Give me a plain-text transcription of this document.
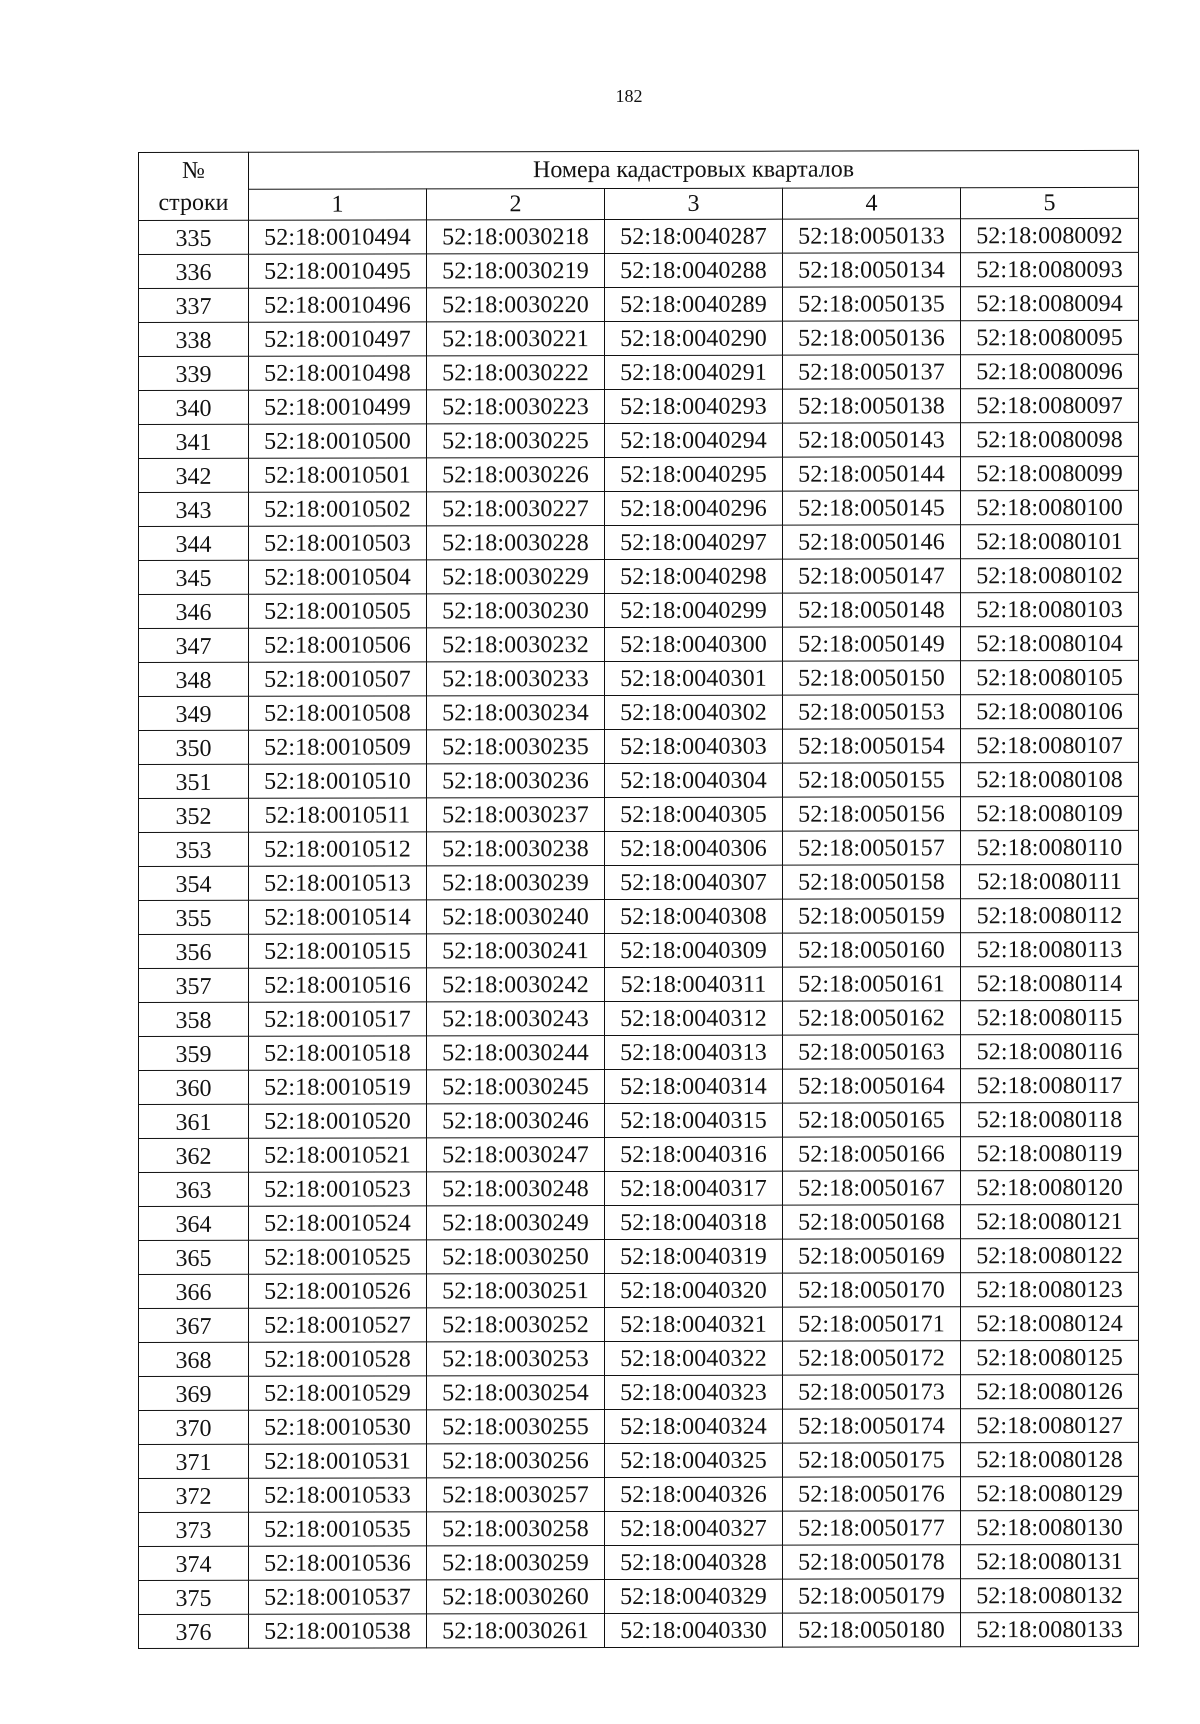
182
№
строки	Номера кадастровых кварталов				
	1	2	3	4	5
335	52:18:0010494	52:18:0030218	52:18:0040287	52:18:0050133	52:18:0080092
336	52:18:0010495	52:18:0030219	52:18:0040288	52:18:0050134	52:18:0080093
337	52:18:0010496	52:18:0030220	52:18:0040289	52:18:0050135	52:18:0080094
338	52:18:0010497	52:18:0030221	52:18:0040290	52:18:0050136	52:18:0080095
339	52:18:0010498	52:18:0030222	52:18:0040291	52:18:0050137	52:18:0080096
340	52:18:0010499	52:18:0030223	52:18:0040293	52:18:0050138	52:18:0080097
341	52:18:0010500	52:18:0030225	52:18:0040294	52:18:0050143	52:18:0080098
342	52:18:0010501	52:18:0030226	52:18:0040295	52:18:0050144	52:18:0080099
343	52:18:0010502	52:18:0030227	52:18:0040296	52:18:0050145	52:18:0080100
344	52:18:0010503	52:18:0030228	52:18:0040297	52:18:0050146	52:18:0080101
345	52:18:0010504	52:18:0030229	52:18:0040298	52:18:0050147	52:18:0080102
346	52:18:0010505	52:18:0030230	52:18:0040299	52:18:0050148	52:18:0080103
347	52:18:0010506	52:18:0030232	52:18:0040300	52:18:0050149	52:18:0080104
348	52:18:0010507	52:18:0030233	52:18:0040301	52:18:0050150	52:18:0080105
349	52:18:0010508	52:18:0030234	52:18:0040302	52:18:0050153	52:18:0080106
350	52:18:0010509	52:18:0030235	52:18:0040303	52:18:0050154	52:18:0080107
351	52:18:0010510	52:18:0030236	52:18:0040304	52:18:0050155	52:18:0080108
352	52:18:0010511	52:18:0030237	52:18:0040305	52:18:0050156	52:18:0080109
353	52:18:0010512	52:18:0030238	52:18:0040306	52:18:0050157	52:18:0080110
354	52:18:0010513	52:18:0030239	52:18:0040307	52:18:0050158	52:18:0080111
355	52:18:0010514	52:18:0030240	52:18:0040308	52:18:0050159	52:18:0080112
356	52:18:0010515	52:18:0030241	52:18:0040309	52:18:0050160	52:18:0080113
357	52:18:0010516	52:18:0030242	52:18:0040311	52:18:0050161	52:18:0080114
358	52:18:0010517	52:18:0030243	52:18:0040312	52:18:0050162	52:18:0080115
359	52:18:0010518	52:18:0030244	52:18:0040313	52:18:0050163	52:18:0080116
360	52:18:0010519	52:18:0030245	52:18:0040314	52:18:0050164	52:18:0080117
361	52:18:0010520	52:18:0030246	52:18:0040315	52:18:0050165	52:18:0080118
362	52:18:0010521	52:18:0030247	52:18:0040316	52:18:0050166	52:18:0080119
363	52:18:0010523	52:18:0030248	52:18:0040317	52:18:0050167	52:18:0080120
364	52:18:0010524	52:18:0030249	52:18:0040318	52:18:0050168	52:18:0080121
365	52:18:0010525	52:18:0030250	52:18:0040319	52:18:0050169	52:18:0080122
366	52:18:0010526	52:18:0030251	52:18:0040320	52:18:0050170	52:18:0080123
367	52:18:0010527	52:18:0030252	52:18:0040321	52:18:0050171	52:18:0080124
368	52:18:0010528	52:18:0030253	52:18:0040322	52:18:0050172	52:18:0080125
369	52:18:0010529	52:18:0030254	52:18:0040323	52:18:0050173	52:18:0080126
370	52:18:0010530	52:18:0030255	52:18:0040324	52:18:0050174	52:18:0080127
371	52:18:0010531	52:18:0030256	52:18:0040325	52:18:0050175	52:18:0080128
372	52:18:0010533	52:18:0030257	52:18:0040326	52:18:0050176	52:18:0080129
373	52:18:0010535	52:18:0030258	52:18:0040327	52:18:0050177	52:18:0080130
374	52:18:0010536	52:18:0030259	52:18:0040328	52:18:0050178	52:18:0080131
375	52:18:0010537	52:18:0030260	52:18:0040329	52:18:0050179	52:18:0080132
376	52:18:0010538	52:18:0030261	52:18:0040330	52:18:0050180	52:18:0080133
